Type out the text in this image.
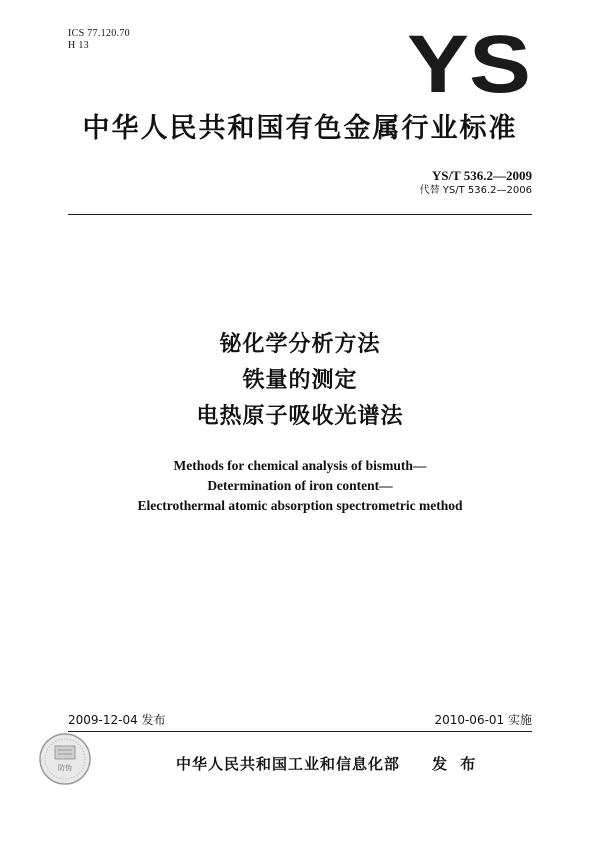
ICS 77.120.70
H 13	YS
中华人民共和国有色金属行业标准
YS/T 536.2—2009
代替 YS/T 536.2—2006
铋化学分析方法
铁量的测定
电热原子吸收光谱法
Methods for chemical analysis of bismuth—
Determination of iron content—
Electrothermal atomic absorption spectrometric method
2009-12-04 发布	2010-06-01 实施
防伪	中华人民共和国工业和信息化部 发 布
